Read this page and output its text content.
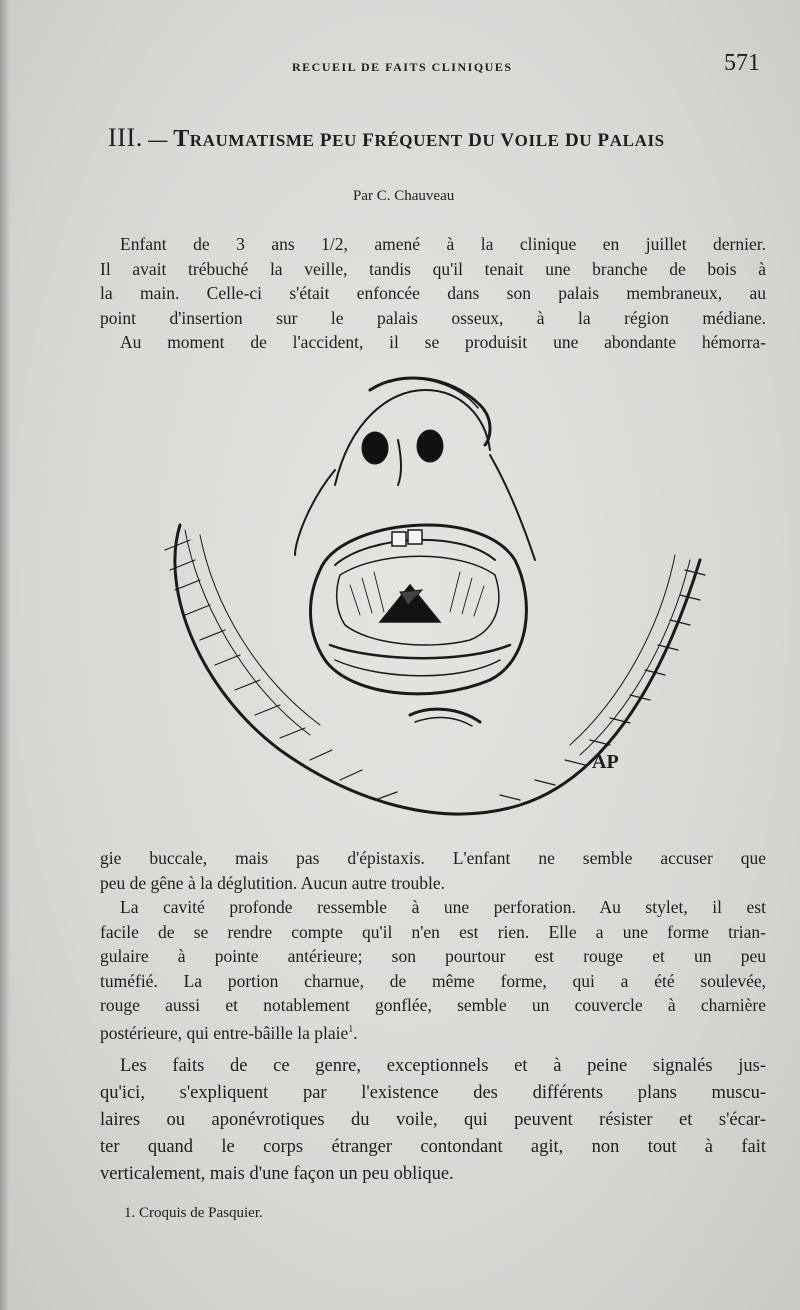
RECUEIL DE FAITS CLINIQUES	571
III. — TRAUMATISME PEU FRÉQUENT DU VOILE DU PALAIS
Par C. Chauveau
Enfant de 3 ans 1/2, amené à la clinique en juillet dernier.
Il avait trébuché la veille, tandis qu'il tenait une branche de bois à
la main. Celle-ci s'était enfoncée dans son palais membraneux, au
point d'insertion sur le palais osseux, à la région médiane.
Au moment de l'accident, il se produisit une abondante hémorra-
AP
gie buccale, mais pas d'épistaxis. L'enfant ne semble accuser que
peu de gêne à la déglutition. Aucun autre trouble.
La cavité profonde ressemble à une perforation. Au stylet, il est
facile de se rendre compte qu'il n'en est rien. Elle a une forme trian-
gulaire à pointe antérieure; son pourtour est rouge et un peu
tuméfié. La portion charnue, de même forme, qui a été soulevée,
rouge aussi et notablement gonflée, semble un couvercle à charnière
postérieure, qui entre-bâille la plaie$^1$.
Les faits de ce genre, exceptionnels et à peine signalés jus-
qu'ici, s'expliquent par l'existence des différents plans muscu-
laires ou aponévrotiques du voile, qui peuvent résister et s'écar-
ter quand le corps étranger contondant agit, non tout à fait
verticalement, mais d'une façon un peu oblique.
1. Croquis de Pasquier.
